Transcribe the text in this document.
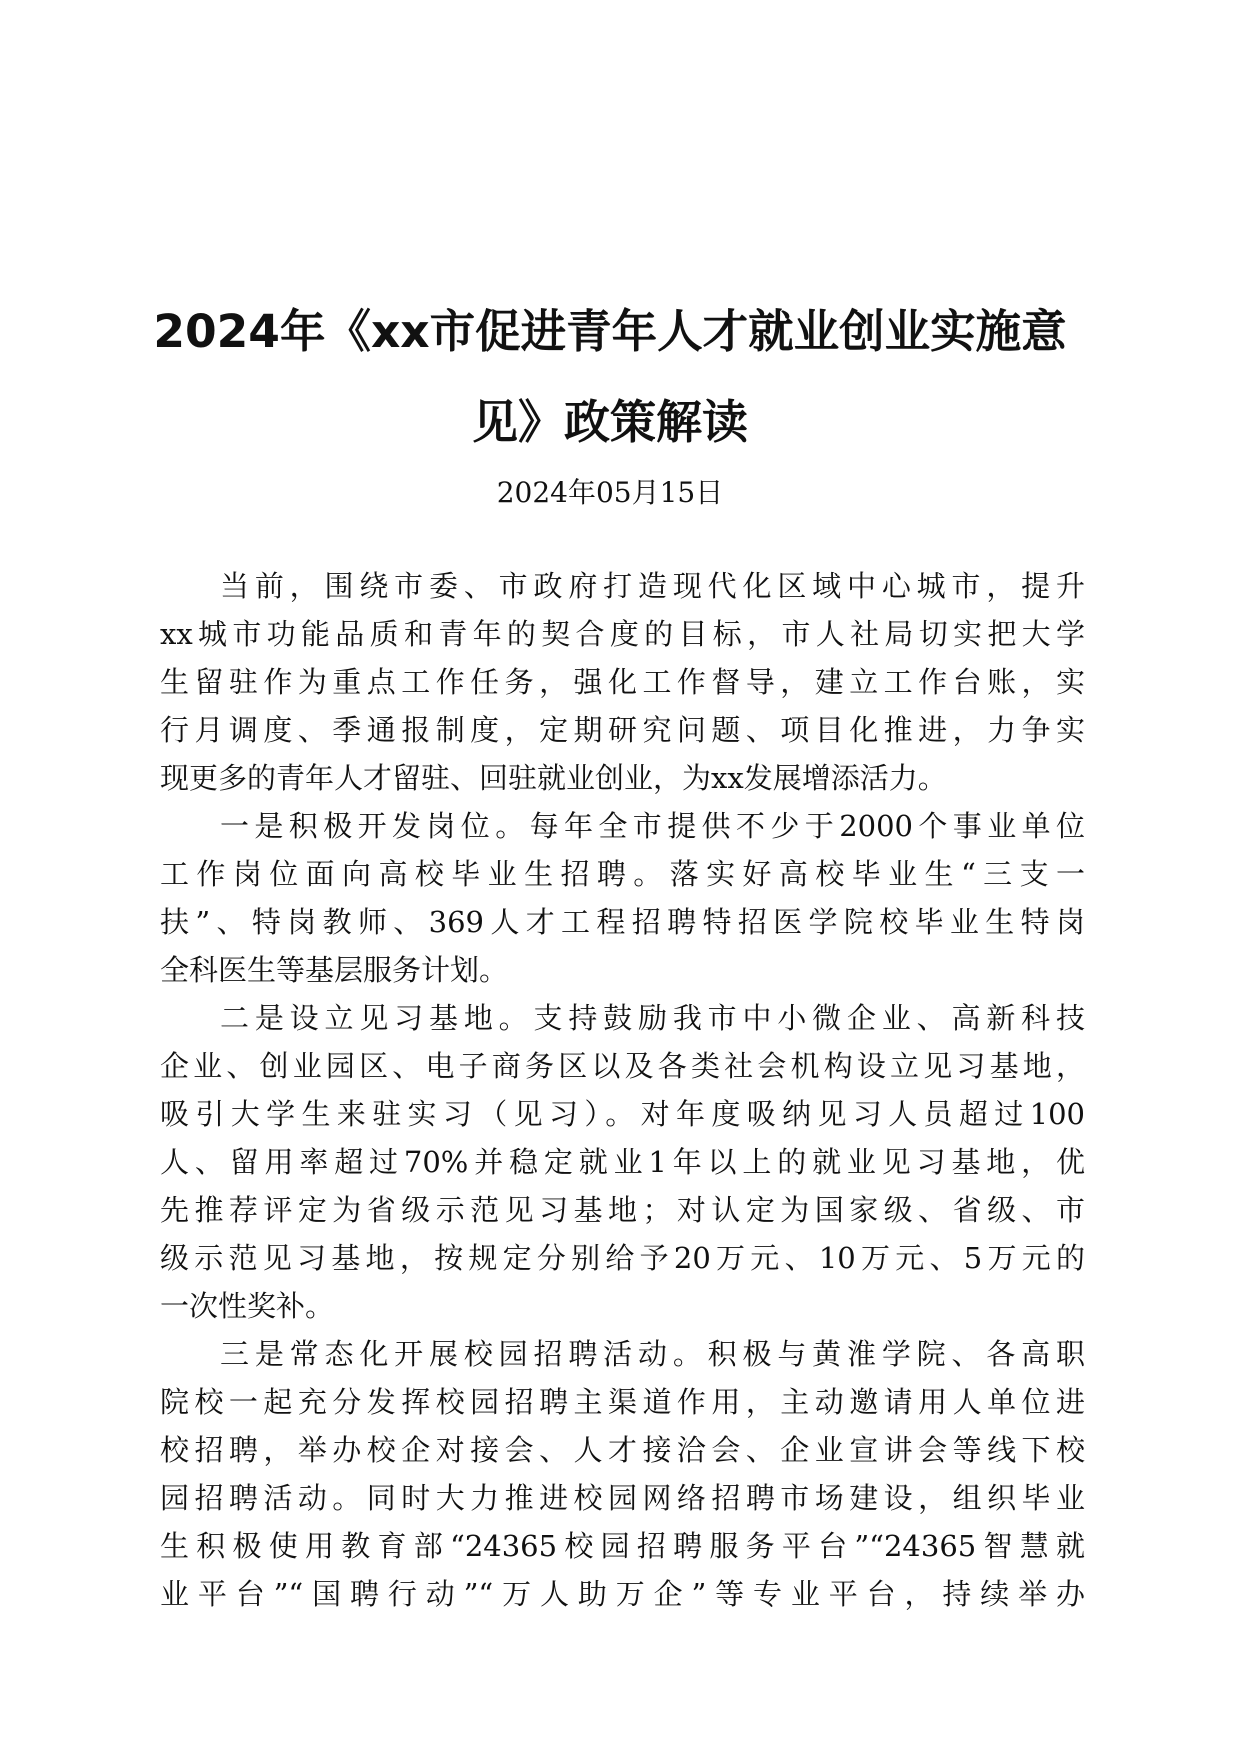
2024年《xx市促进青年人才就业创业实施意
见》政策解读

2024年05月15日

当前，围绕市委、市政府打造现代化区域中心城市，提升
xx城市功能品质和青年的契合度的目标，市人社局切实把大学
生留驻作为重点工作任务，强化工作督导，建立工作台账，实
行月调度、季通报制度，定期研究问题、项目化推进，力争实
现更多的青年人才留驻、回驻就业创业，为xx发展增添活力。
一是积极开发岗位。每年全市提供不少于2000个事业单位
工作岗位面向高校毕业生招聘。落实好高校毕业生“三支一
扶”、特岗教师、369人才工程招聘特招医学院校毕业生特岗
全科医生等基层服务计划。
二是设立见习基地。支持鼓励我市中小微企业、高新科技
企业、创业园区、电子商务区以及各类社会机构设立见习基地，
吸引大学生来驻实习（见习）。对年度吸纳见习人员超过100
人、留用率超过70%并稳定就业1年以上的就业见习基地，优
先推荐评定为省级示范见习基地；对认定为国家级、省级、市
级示范见习基地，按规定分别给予20万元、10万元、5万元的
一次性奖补。
三是常态化开展校园招聘活动。积极与黄淮学院、各高职
院校一起充分发挥校园招聘主渠道作用，主动邀请用人单位进
校招聘，举办校企对接会、人才接洽会、企业宣讲会等线下校
园招聘活动。同时大力推进校园网络招聘市场建设，组织毕业
生积极使用教育部“24365校园招聘服务平台”“24365智慧就
业平台”“国聘行动”“万人助万企”等专业平台，持续举办
